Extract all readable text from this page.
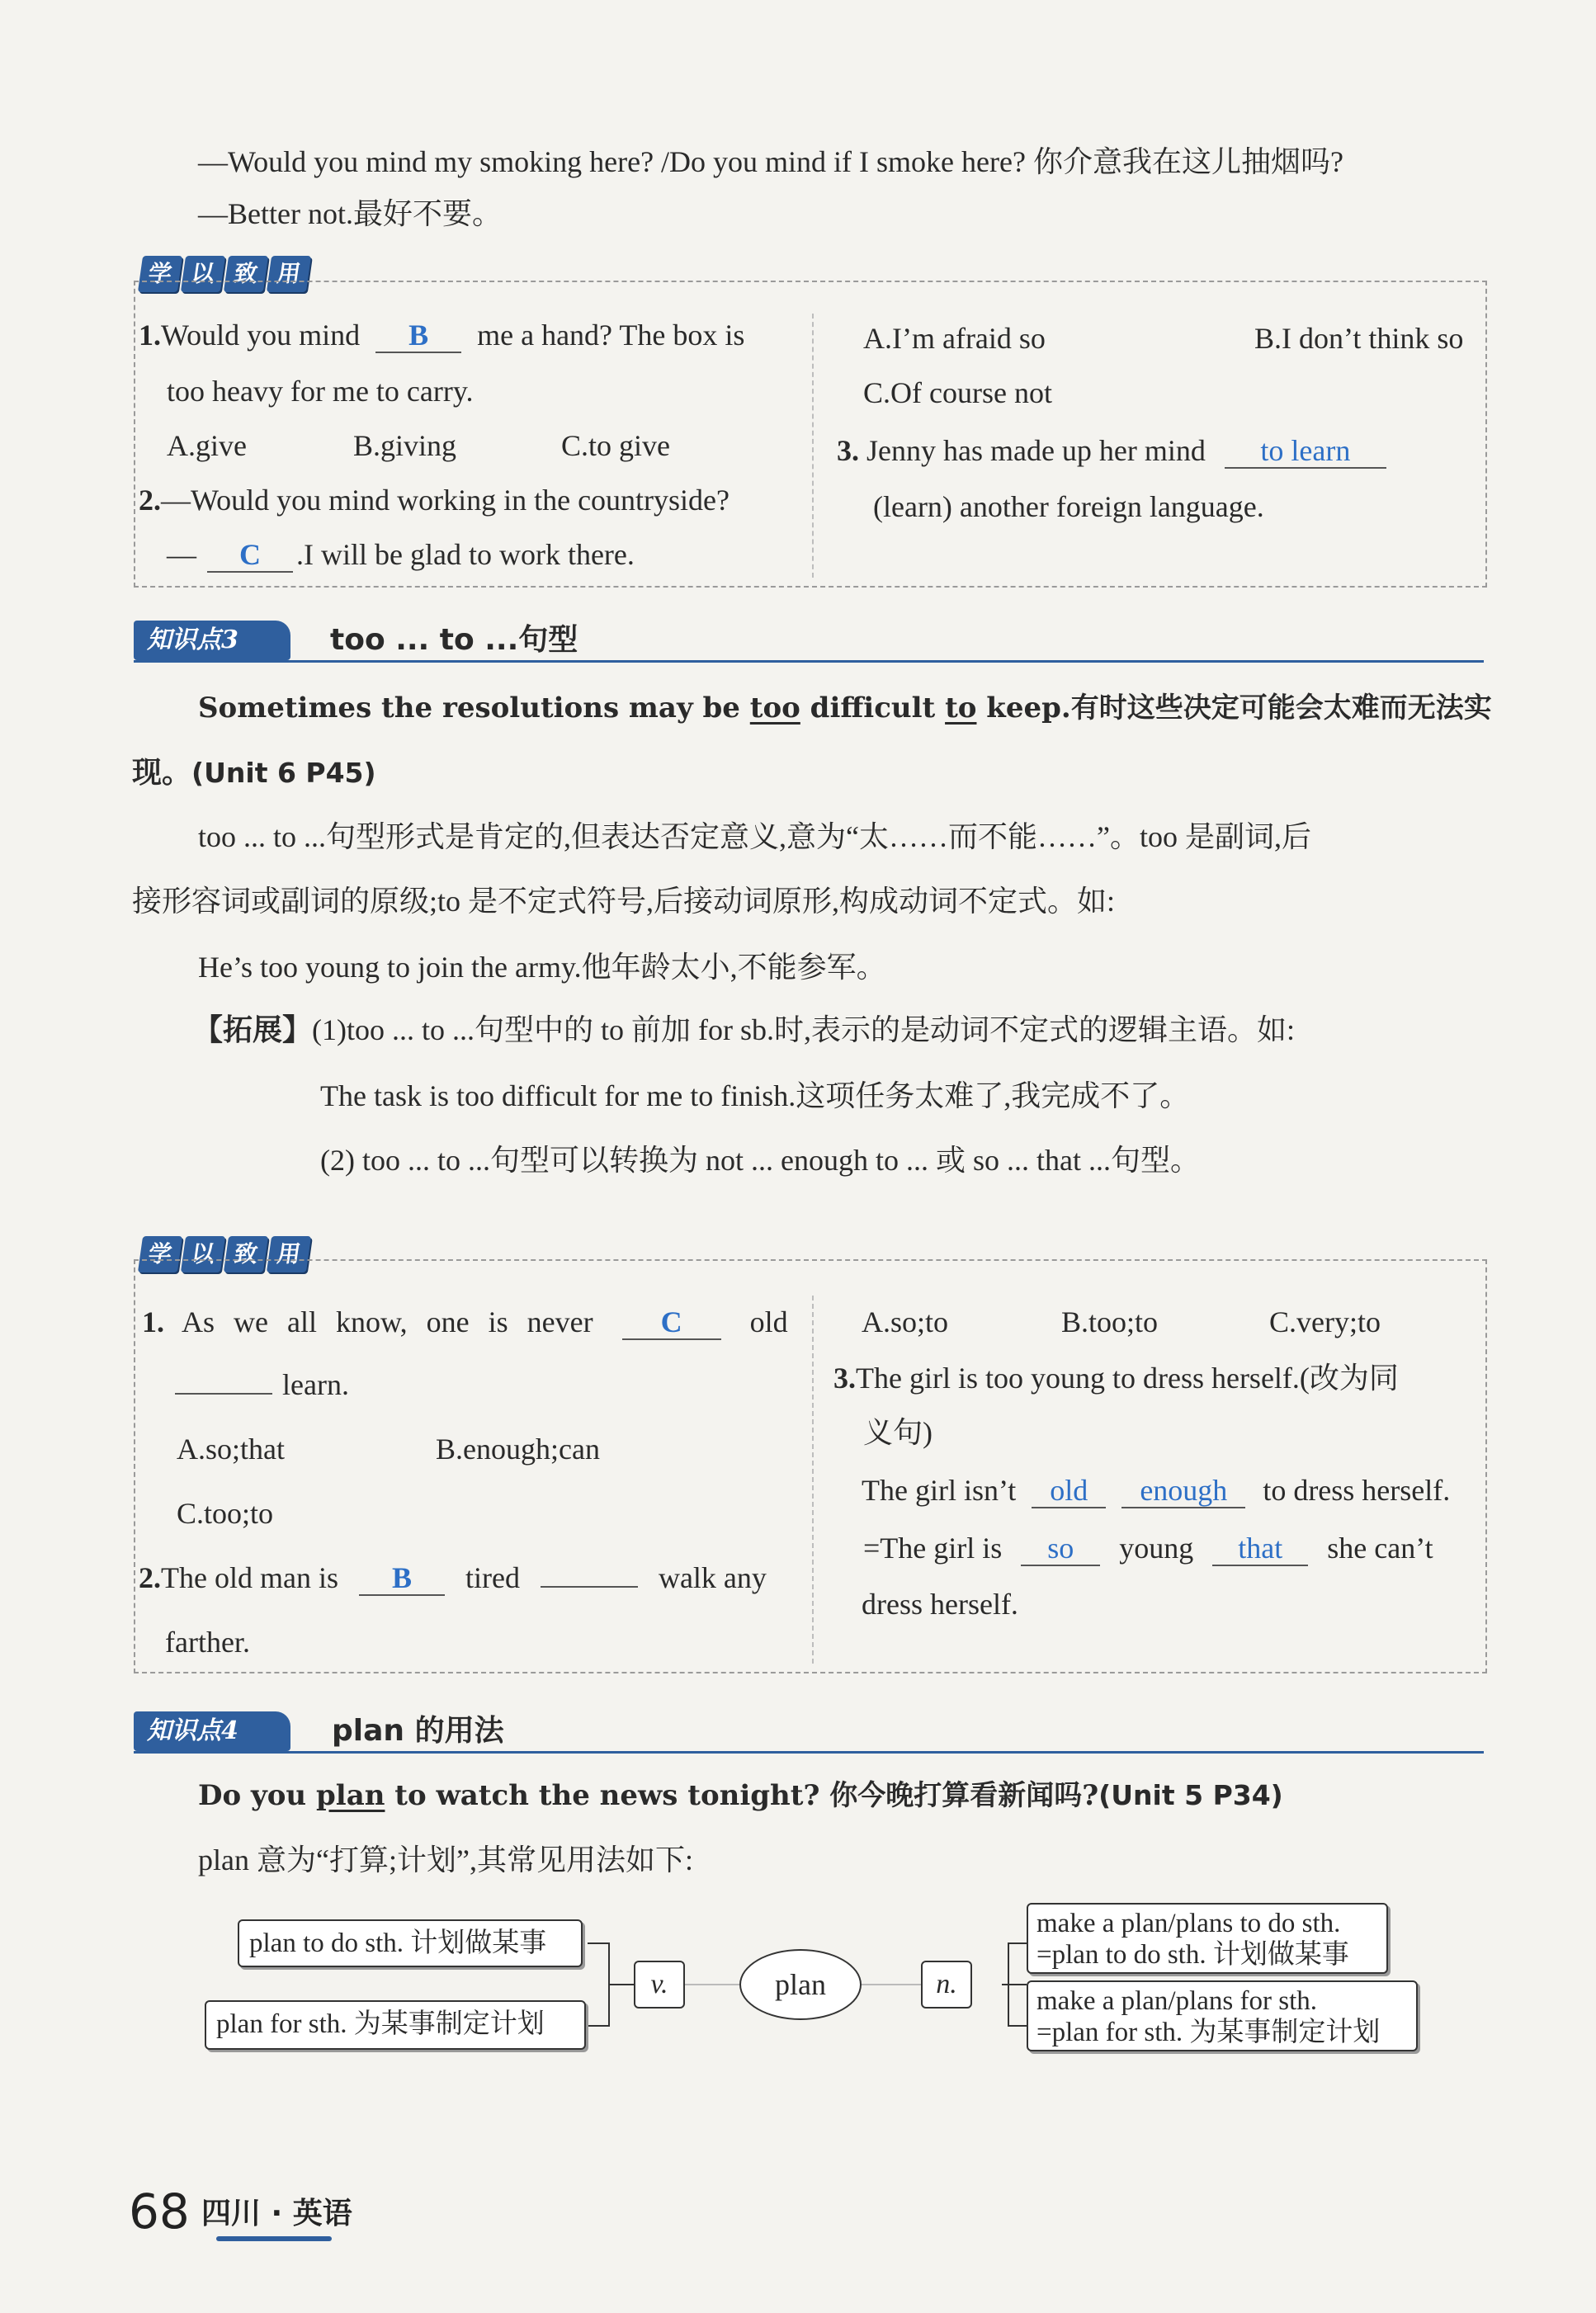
—Would you mind my smoking here? /Do you mind if I smoke here? 你介意我在这儿抽烟吗?
—Better not.最好不要。
学 以 致 用
1.Would you mind B me a hand? The box is
too heavy for me to carry.
A.give	B.giving	C.to give
2.—Would you mind working in the countryside?
— C .I will be glad to work there.
A.I’m afraid so	B.I don’t think so
C.Of course not
3. Jenny has made up her mind to learn
(learn) another foreign language.
知识点3	too ... to ...句型
Sometimes the resolutions may be too difficult to keep.有时这些决定可能会太难而无法实
现。(Unit 6 P45)
too ... to ...句型形式是肯定的,但表达否定意义,意为“太……而不能……”。too 是副词,后
接形容词或副词的原级;to 是不定式符号,后接动词原形,构成动词不定式。如:
He’s too young to join the army.他年龄太小,不能参军。
【拓展】(1)too ... to ...句型中的 to 前加 for sb.时,表示的是动词不定式的逻辑主语。如:
The task is too difficult for me to finish.这项任务太难了,我完成不了。
(2) too ... to ...句型可以转换为 not ... enough to ... 或 so ... that ...句型。
学 以 致 用
1. As we all know, one is never C old
learn.
A.so;that	B.enough;can
C.too;to
2.The old man is B tired	walk any
farther.
A.so;to	B.too;to	C.very;to
3.The girl is too young to dress herself.(改为同
义句)
The girl isn’t old enough to dress herself.
=The girl is so young that she can’t
dress herself.
知识点4	plan 的用法
Do you plan to watch the news tonight? 你今晚打算看新闻吗?(Unit 5 P34)
plan 意为“打算;计划”,其常见用法如下:
plan to do sth. 计划做某事
plan for sth. 为某事制定计划
v.	plan	n.
make a plan/plans to do sth.
=plan to do sth. 计划做某事
make a plan/plans for sth.
=plan for sth. 为某事制定计划
68 四川 · 英语
